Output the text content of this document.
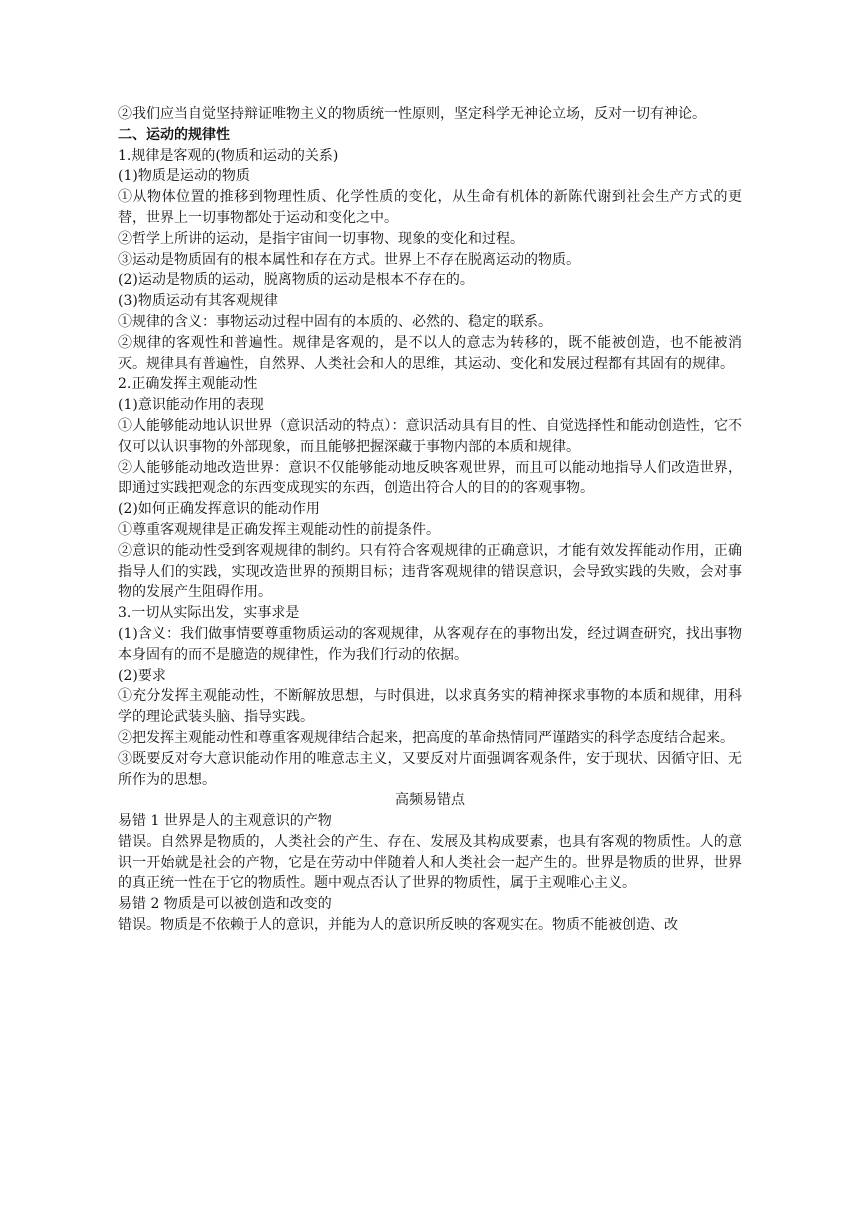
②我们应当自觉坚持辩证唯物主义的物质统一性原则，坚定科学无神论立场，反对一切有神论。

二、运动的规律性

1.规律是客观的(物质和运动的关系)

(1)物质是运动的物质

①从物体位置的推移到物理性质、化学性质的变化，从生命有机体的新陈代谢到社会生产方式的更替，世界上一切事物都处于运动和变化之中。

②哲学上所讲的运动，是指宇宙间一切事物、现象的变化和过程。

③运动是物质固有的根本属性和存在方式。世界上不存在脱离运动的物质。

(2)运动是物质的运动，脱离物质的运动是根本不存在的。

(3)物质运动有其客观规律

①规律的含义：事物运动过程中固有的本质的、必然的、稳定的联系。

②规律的客观性和普遍性。规律是客观的，是不以人的意志为转移的，既不能被创造，也不能被消灭。规律具有普遍性，自然界、人类社会和人的思维，其运动、变化和发展过程都有其固有的规律。

2.正确发挥主观能动性

(1)意识能动作用的表现

①人能够能动地认识世界（意识活动的特点）：意识活动具有目的性、自觉选择性和能动创造性，它不仅可以认识事物的外部现象，而且能够把握深藏于事物内部的本质和规律。

②人能够能动地改造世界：意识不仅能够能动地反映客观世界，而且可以能动地指导人们改造世界，即通过实践把观念的东西变成现实的东西，创造出符合人的目的的客观事物。

(2)如何正确发挥意识的能动作用

①尊重客观规律是正确发挥主观能动性的前提条件。

②意识的能动性受到客观规律的制约。只有符合客观规律的正确意识，才能有效发挥能动作用，正确指导人们的实践，实现改造世界的预期目标；违背客观规律的错误意识，会导致实践的失败，会对事物的发展产生阻碍作用。

3.一切从实际出发，实事求是

(1)含义：我们做事情要尊重物质运动的客观规律，从客观存在的事物出发，经过调查研究，找出事物本身固有的而不是臆造的规律性，作为我们行动的依据。

(2)要求

①充分发挥主观能动性，不断解放思想，与时俱进，以求真务实的精神探求事物的本质和规律，用科学的理论武装头脑、指导实践。

②把发挥主观能动性和尊重客观规律结合起来，把高度的革命热情同严谨踏实的科学态度结合起来。

③既要反对夸大意识能动作用的唯意志主义，又要反对片面强调客观条件，安于现状、因循守旧、无所作为的思想。

高频易错点

易错 1 世界是人的主观意识的产物

错误。自然界是物质的，人类社会的产生、存在、发展及其构成要素，也具有客观的物质性。人的意识一开始就是社会的产物，它是在劳动中伴随着人和人类社会一起产生的。世界是物质的世界，世界的真正统一性在于它的物质性。题中观点否认了世界的物质性，属于主观唯心主义。

易错 2 物质是可以被创造和改变的

错误。物质是不依赖于人的意识，并能为人的意识所反映的客观实在。物质不能被创造、改
